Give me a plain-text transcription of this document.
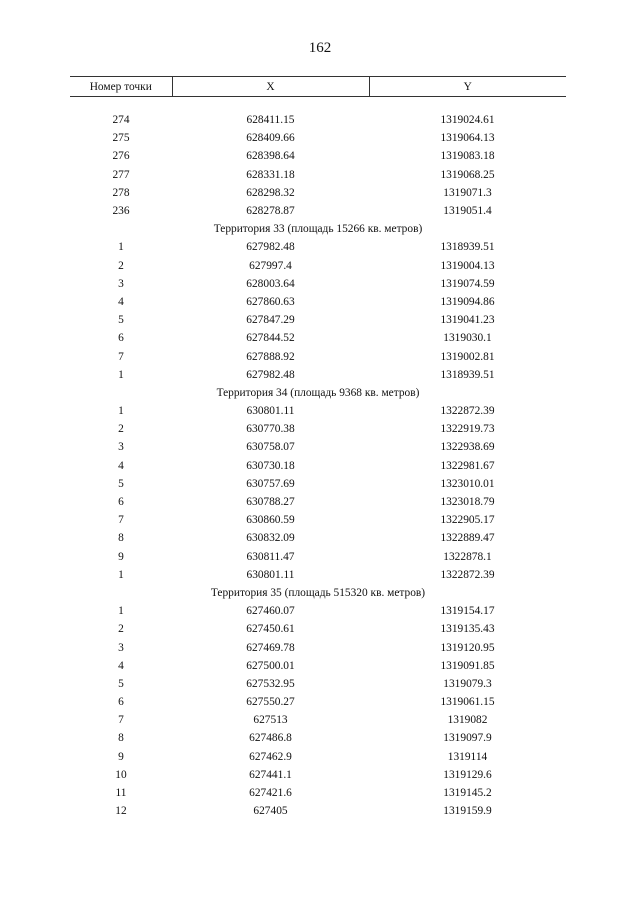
162
Номер точки	X	Y

274	628411.15	1319024.61
275	628409.66	1319064.13
276	628398.64	1319083.18
277	628331.18	1319068.25
278	628298.32	1319071.3
236	628278.87	1319051.4
Территория 33 (площадь 15266 кв. метров)		
1	627982.48	1318939.51
2	627997.4	1319004.13
3	628003.64	1319074.59
4	627860.63	1319094.86
5	627847.29	1319041.23
6	627844.52	1319030.1
7	627888.92	1319002.81
1	627982.48	1318939.51
Территория 34 (площадь 9368 кв. метров)		
1	630801.11	1322872.39
2	630770.38	1322919.73
3	630758.07	1322938.69
4	630730.18	1322981.67
5	630757.69	1323010.01
6	630788.27	1323018.79
7	630860.59	1322905.17
8	630832.09	1322889.47
9	630811.47	1322878.1
1	630801.11	1322872.39
Территория 35 (площадь 515320 кв. метров)		
1	627460.07	1319154.17
2	627450.61	1319135.43
3	627469.78	1319120.95
4	627500.01	1319091.85
5	627532.95	1319079.3
6	627550.27	1319061.15
7	627513	1319082
8	627486.8	1319097.9
9	627462.9	1319114
10	627441.1	1319129.6
11	627421.6	1319145.2
12	627405	1319159.9
